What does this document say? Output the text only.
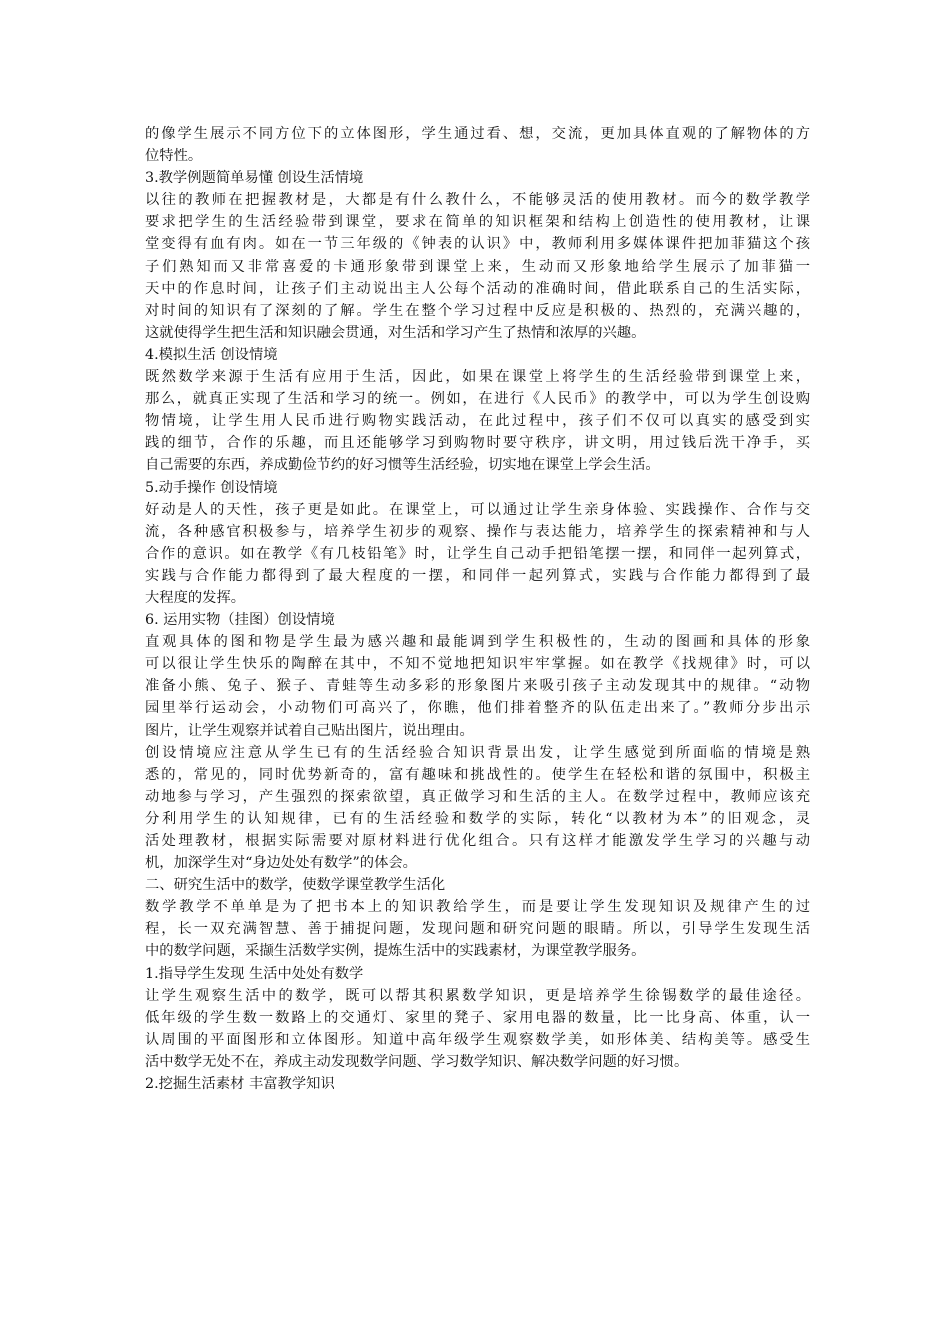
的像学生展示不同方位下的立体图形，学生通过看、想，交流，更加具体直观的了解物体的方
位特性。
3.教学例题简单易懂 创设生活情境
以往的教师在把握教材是，大都是有什么教什么，不能够灵活的使用教材。而今的数学教学
要求把学生的生活经验带到课堂，要求在简单的知识框架和结构上创造性的使用教材，让课
堂变得有血有肉。如在一节三年级的《钟表的认识》中，教师利用多媒体课件把加菲猫这个孩
子们熟知而又非常喜爱的卡通形象带到课堂上来，生动而又形象地给学生展示了加菲猫一
天中的作息时间，让孩子们主动说出主人公每个活动的准确时间，借此联系自己的生活实际，
对时间的知识有了深刻的了解。学生在整个学习过程中反应是积极的、热烈的，充满兴趣的，
这就使得学生把生活和知识融会贯通，对生活和学习产生了热情和浓厚的兴趣。
4.模拟生活 创设情境
既然数学来源于生活有应用于生活，因此，如果在课堂上将学生的生活经验带到课堂上来，
那么，就真正实现了生活和学习的统一。例如，在进行《人民币》的教学中，可以为学生创设购
物情境，让学生用人民币进行购物实践活动，在此过程中，孩子们不仅可以真实的感受到实
践的细节，合作的乐趣，而且还能够学习到购物时要守秩序，讲文明，用过钱后洗干净手，买
自己需要的东西，养成勤俭节约的好习惯等生活经验，切实地在课堂上学会生活。
5.动手操作 创设情境
好动是人的天性，孩子更是如此。在课堂上，可以通过让学生亲身体验、实践操作、合作与交
流，各种感官积极参与，培养学生初步的观察、操作与表达能力，培养学生的探索精神和与人
合作的意识。如在教学《有几枝铅笔》时，让学生自己动手把铅笔摆一摆，和同伴一起列算式，
实践与合作能力都得到了最大程度的一摆，和同伴一起列算式，实践与合作能力都得到了最
大程度的发挥。
6. 运用实物（挂图）创设情境
直观具体的图和物是学生最为感兴趣和最能调到学生积极性的，生动的图画和具体的形象
可以很让学生快乐的陶醉在其中，不知不觉地把知识牢牢掌握。如在教学《找规律》时，可以
准备小熊、兔子、猴子、青蛙等生动多彩的形象图片来吸引孩子主动发现其中的规律。“动物
园里举行运动会，小动物们可高兴了，你瞧，他们排着整齐的队伍走出来了。”教师分步出示
图片，让学生观察并试着自己贴出图片，说出理由。
创设情境应注意从学生已有的生活经验合知识背景出发，让学生感觉到所面临的情境是熟
悉的，常见的，同时优势新奇的，富有趣味和挑战性的。使学生在轻松和谐的氛围中，积极主
动地参与学习，产生强烈的探索欲望，真正做学习和生活的主人。在数学过程中，教师应该充
分利用学生的认知规律，已有的生活经验和数学的实际，转化“以教材为本”的旧观念，灵
活处理教材，根据实际需要对原材料进行优化组合。只有这样才能激发学生学习的兴趣与动
机，加深学生对“身边处处有数学”的体会。
二、研究生活中的数学，使数学课堂教学生活化
数学教学不单单是为了把书本上的知识教给学生，而是要让学生发现知识及规律产生的过
程，长一双充满智慧、善于捕捉问题，发现问题和研究问题的眼睛。所以，引导学生发现生活
中的数学问题，采撷生活数学实例，提炼生活中的实践素材，为课堂教学服务。
1.指导学生发现 生活中处处有数学
让学生观察生活中的数学，既可以帮其积累数学知识，更是培养学生徐锡数学的最佳途径。
低年级的学生数一数路上的交通灯、家里的凳子、家用电器的数量，比一比身高、体重，认一
认周围的平面图形和立体图形。知道中高年级学生观察数学美，如形体美、结构美等。感受生
活中数学无处不在，养成主动发现数学问题、学习数学知识、解决数学问题的好习惯。
2.挖掘生活素材 丰富教学知识
